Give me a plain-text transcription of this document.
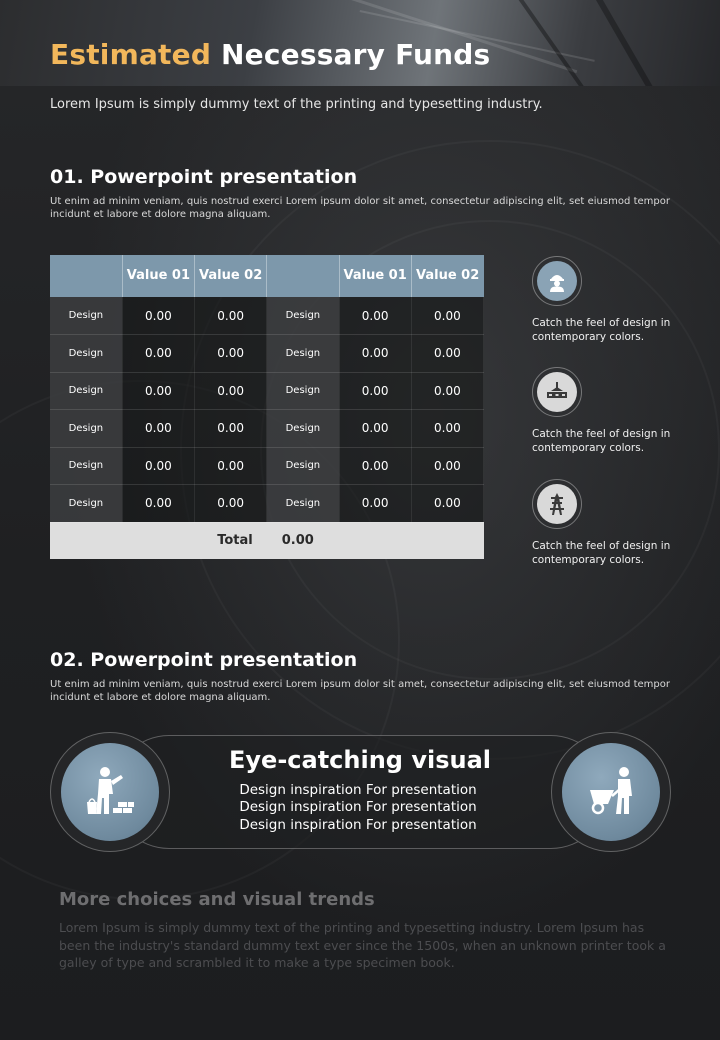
Estimated Necessary Funds
Lorem Ipsum is simply dummy text of the printing and typesetting industry.
01. Powerpoint presentation
Ut enim ad minim veniam, quis nostrud exerci Lorem ipsum dolor sit amet, consectetur adipiscing elit, set eiusmod tempor incidunt et labore et dolore magna aliquam.
	Value 01	Value 02		Value 01	Value 02
Design	0.00	0.00	Design	0.00	0.00
Design	0.00	0.00	Design	0.00	0.00
Design	0.00	0.00	Design	0.00	0.00
Design	0.00	0.00	Design	0.00	0.00
Design	0.00	0.00	Design	0.00	0.00
Design	0.00	0.00	Design	0.00	0.00
Total			0.00		
Catch the feel of design in contemporary colors.
Catch the feel of design in contemporary colors.
Catch the feel of design in contemporary colors.
02. Powerpoint presentation
Ut enim ad minim veniam, quis nostrud exerci Lorem ipsum dolor sit amet, consectetur adipiscing elit, set eiusmod tempor incidunt et labore et dolore magna aliquam.
Eye-catching visual
Design inspiration For presentation
Design inspiration For presentation
Design inspiration For presentation
More choices and visual trends
Lorem Ipsum is simply dummy text of the printing and typesetting industry. Lorem Ipsum has been the industry's standard dummy text ever since the 1500s, when an unknown printer took a galley of type and scrambled it to make a type specimen book.
